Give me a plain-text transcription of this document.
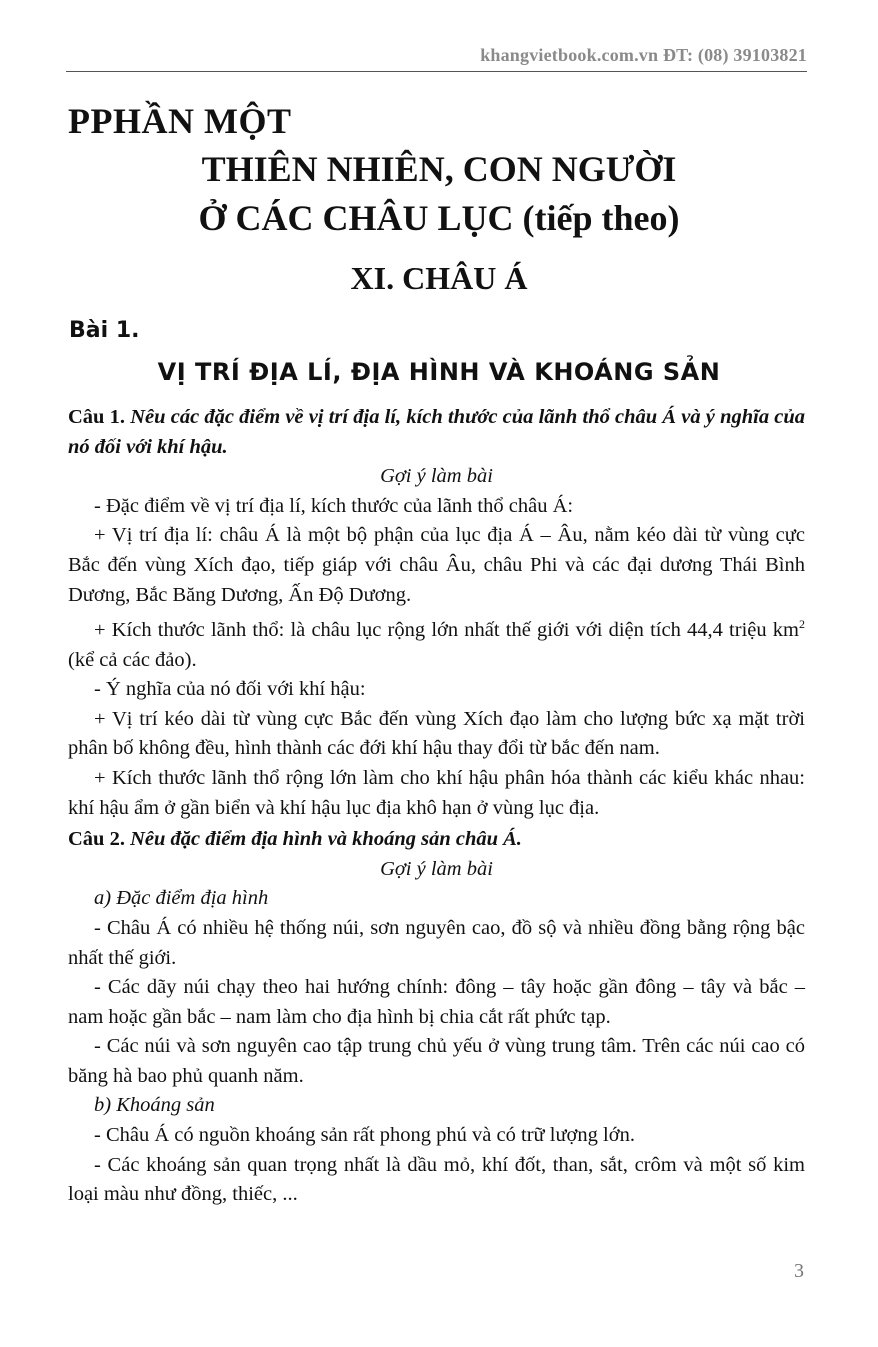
khangvietbook.com.vn ĐT: (08) 39103821
PPHẦN MỘT
THIÊN NHIÊN, CON NGƯỜI
Ở CÁC CHÂU LỤC (tiếp theo)
XI. CHÂU Á
Bài 1.
VỊ TRÍ ĐỊA LÍ, ĐỊA HÌNH VÀ KHOÁNG SẢN

Câu 1. Nêu các đặc điểm về vị trí địa lí, kích thước của lãnh thổ châu Á và ý nghĩa của nó đối với khí hậu.

Gợi ý làm bài

- Đặc điểm về vị trí địa lí, kích thước của lãnh thổ châu Á:

+ Vị trí địa lí: châu Á là một bộ phận của lục địa Á – Âu, nằm kéo dài từ vùng cực Bắc đến vùng Xích đạo, tiếp giáp với châu Âu, châu Phi và các đại dương Thái Bình Dương, Bắc Băng Dương, Ấn Độ Dương.

+ Kích thước lãnh thổ: là châu lục rộng lớn nhất thế giới với diện tích 44,4 triệu $km^2$ (kể cả các đảo).

- Ý nghĩa của nó đối với khí hậu:

+ Vị trí kéo dài từ vùng cực Bắc đến vùng Xích đạo làm cho lượng bức xạ mặt trời phân bố không đều, hình thành các đới khí hậu thay đổi từ bắc đến nam.

+ Kích thước lãnh thổ rộng lớn làm cho khí hậu phân hóa thành các kiểu khác nhau: khí hậu ẩm ở gần biển và khí hậu lục địa khô hạn ở vùng lục địa.

Câu 2. Nêu đặc điểm địa hình và khoáng sản châu Á.

Gợi ý làm bài

a) Đặc điểm địa hình

- Châu Á có nhiều hệ thống núi, sơn nguyên cao, đồ sộ và nhiều đồng bằng rộng bậc nhất thế giới.

- Các dãy núi chạy theo hai hướng chính: đông – tây hoặc gần đông – tây và bắc – nam hoặc gần bắc – nam làm cho địa hình bị chia cắt rất phức tạp.

- Các núi và sơn nguyên cao tập trung chủ yếu ở vùng trung tâm. Trên các núi cao có băng hà bao phủ quanh năm.

b) Khoáng sản

- Châu Á có nguồn khoáng sản rất phong phú và có trữ lượng lớn.

- Các khoáng sản quan trọng nhất là dầu mỏ, khí đốt, than, sắt, crôm và một số kim loại màu như đồng, thiếc, ...

3
